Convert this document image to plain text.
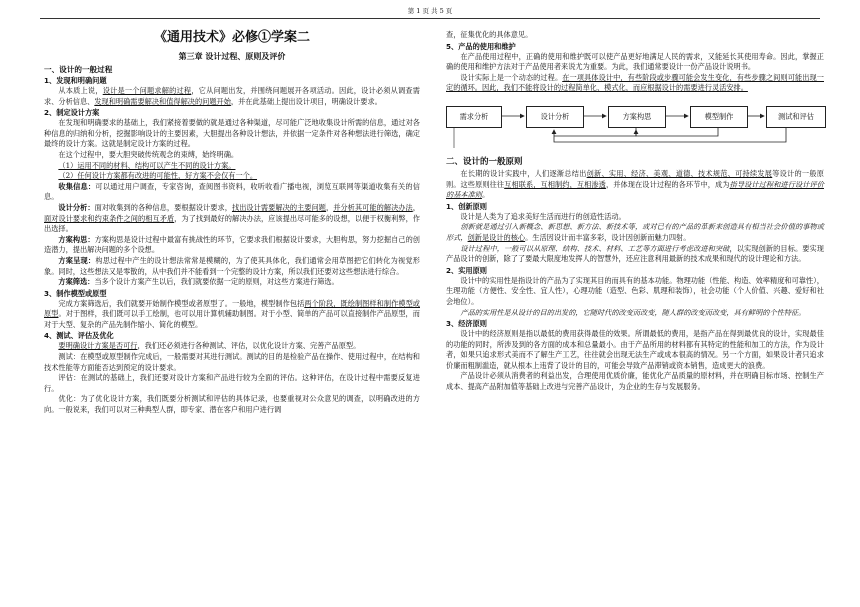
第 1 页 共 5 页
《通用技术》必修①学案二
第三章 设计过程、原则及评价
一、设计的一般过程
1、发现和明确问题

从本质上说，设计是一个问题求解的过程，它从问题出发，并围绕问题展开各项活动。因此，设计必须从调查需求、分析信息、发现和明确需要解决和值得解决的问题开始，并在此基础上提出设计项目，明确设计要求。

2、制定设计方案

在发现和明确要求的基础上，我们紧接着要做的就是通过各种渠道，尽可能广泛地收集设计所需的信息，通过对各种信息的归纳和分析，挖掘影响设计的主要因素，大胆提出各种设计想法，并依据一定条件对各种想法进行筛选，确定最终的设计方案。这就是制定设计方案的过程。

在这个过程中，要大胆突破传统观念的束缚，始终明确。

（1）运用不同的材料、结构可以产生不同的设计方案。

（2）任何设计方案都有改进的可能性，好方案不会仅有一个。

收集信息：可以通过用户调查，专家咨询，查阅图书资料，收听收看广播电视，浏览互联网等渠道收集有关的信息。

设计分析：面对收集到的各种信息，要根据设计要求，找出设计需要解决的主要问题，并分析其可能的解决办法，面对设计要求和约束条件之间的相互矛盾，为了找到最好的解决办法，应该提出尽可能多的设想，以便于权衡利弊，作出选择。

方案构思：方案构思是设计过程中最富有挑战性的环节，它要求我们根据设计要求，大胆构思，努力挖掘自己的创造潜力，提出解决问题的多个设想。

方案呈现：构思过程中产生的设计想法常常是模糊的，为了使其具体化，我们通常会用草图把它们转化为视觉形象。同时，这些想法又是零散的，从中我们并不能看到一个完整的设计方案，所以我们还要对这些想法进行综合。

方案筛选：当多个设计方案产生以后，我们就要依据一定的原则，对这些方案进行筛选。

3、制作模型或原型

完成方案筛选后，我们就要开始制作模型或者原型了。一般地，模型制作包括两个阶段，既绘制图样和制作模型或原型。对于图样，我们既可以手工绘制，也可以用计算机辅助制图。对于小型、简单的产品可以直接制作产品原型，而对于大型、复杂的产品先制作缩小、简化的模型。

4、测试、评估及优化

要明确设计方案是否可行，我们还必须进行各种测试、评估，以优化设计方案、完善产品原型。

测试：在模型或原型制作完成后，一般需要对其进行测试。测试的目的是检验产品在操作、使用过程中，在结构和技术性能等方面能否达到预定的设计要求。

评估：在测试的基础上，我们还要对设计方案和产品进行较为全面的评估。这种评估，在设计过程中需要反复进行。

优化：为了优化设计方案，我们既要分析测试和评估的具体记录，也要重视对公众意见的调查，以明确改进的方向。一般说来，我们可以对三种典型人群，即专家、潜在客户和用户进行调

查，征集优化的具体意见。

5、产品的使用和维护

在产品使用过程中，正确的使用和维护既可以使产品更好地满足人民的需求，又能延长其使用寿命。因此，掌握正确的使用和维护方法对于产品使用者来说尤为重要。为此，我们通常要设计一份产品设计说明书。

设计实际上是一个动态的过程。在一项具体设计中，有些阶段或步骤可能会发生变化，有些步骤之间则可能出现一定的循环。因此，我们不能将设计的过程简单化、模式化，而应根据设计的需要进行灵活安排。

需求分析	设计分析	方案构思	模型制作	测试和评估
二、设计的一般原则

在长期的设计实践中，人们逐渐总结出创新、实用、经济、美观、道德、技术规范、可持续发展等设计的一般原则。这些原则往往互相联系，互相制约，互相渗透，并体现在设计过程的各环节中，成为指导设计过程和进行设计评价的基本准则。

1、创新原则

设计是人类为了追求美好生活而进行的创造性活动。

创新就是通过引入新概念、新思想、新方法、新技术等，或对已有的产品的革新来创造具有相当社会价值的事物或形式，创新是设计的核心。生活因设计而丰富多彩，设计因创新而魅力四射。

设计过程中，一般可以从原理、结构、技术、材料、工艺等方面进行考虑改进和突破，以实现创新的目标。要实现产品设计的创新，除了了要最大限度地发挥人的智慧外，还应注意利用最新的技术成果和现代的设计理论和方法。

2、实用原则

设计中的实用性是指设计的产品为了实现其目的而具有的基本功能。物理功能（性能、构造、效率精度和可靠性），生理功能（方便性、安全性、宜人性），心理功能（造型、色彩、肌理和装饰），社会功能（个人价值、兴趣、爱好和社会地位）。

产品的实用性是从设计的目的出发的，它随时代的改变而改变，随人群的改变而改变，具有鲜明的个性特征。

3、经济原则

设计中的经济原则是指以最低的费用获得最佳的效果。所谓最低的费用，是指产品在得到最优良的设计，实现最佳的功能的同时，所涉及到的各方面的成本和总量最小。由于产品所用的材料都有其特定的性能和加工的方法，作为设计者，如果只追求形式美而不了解生产工艺，往往就会出现无法生产或成本很高的情况。另一个方面，如果设计者只追求价廉而粗制滥造，就从根本上违背了设计的目的，可能会导致产品滞销或资本销售，造成更大的浪费。

产品设计必须从消费者的利益出发，合理使用优质价廉，能优化产品质量的原材料，并在明确目标市场、控制生产成本、提高产品附加值等基础上改进与完善产品设计，为企业的生存与发展服务。
